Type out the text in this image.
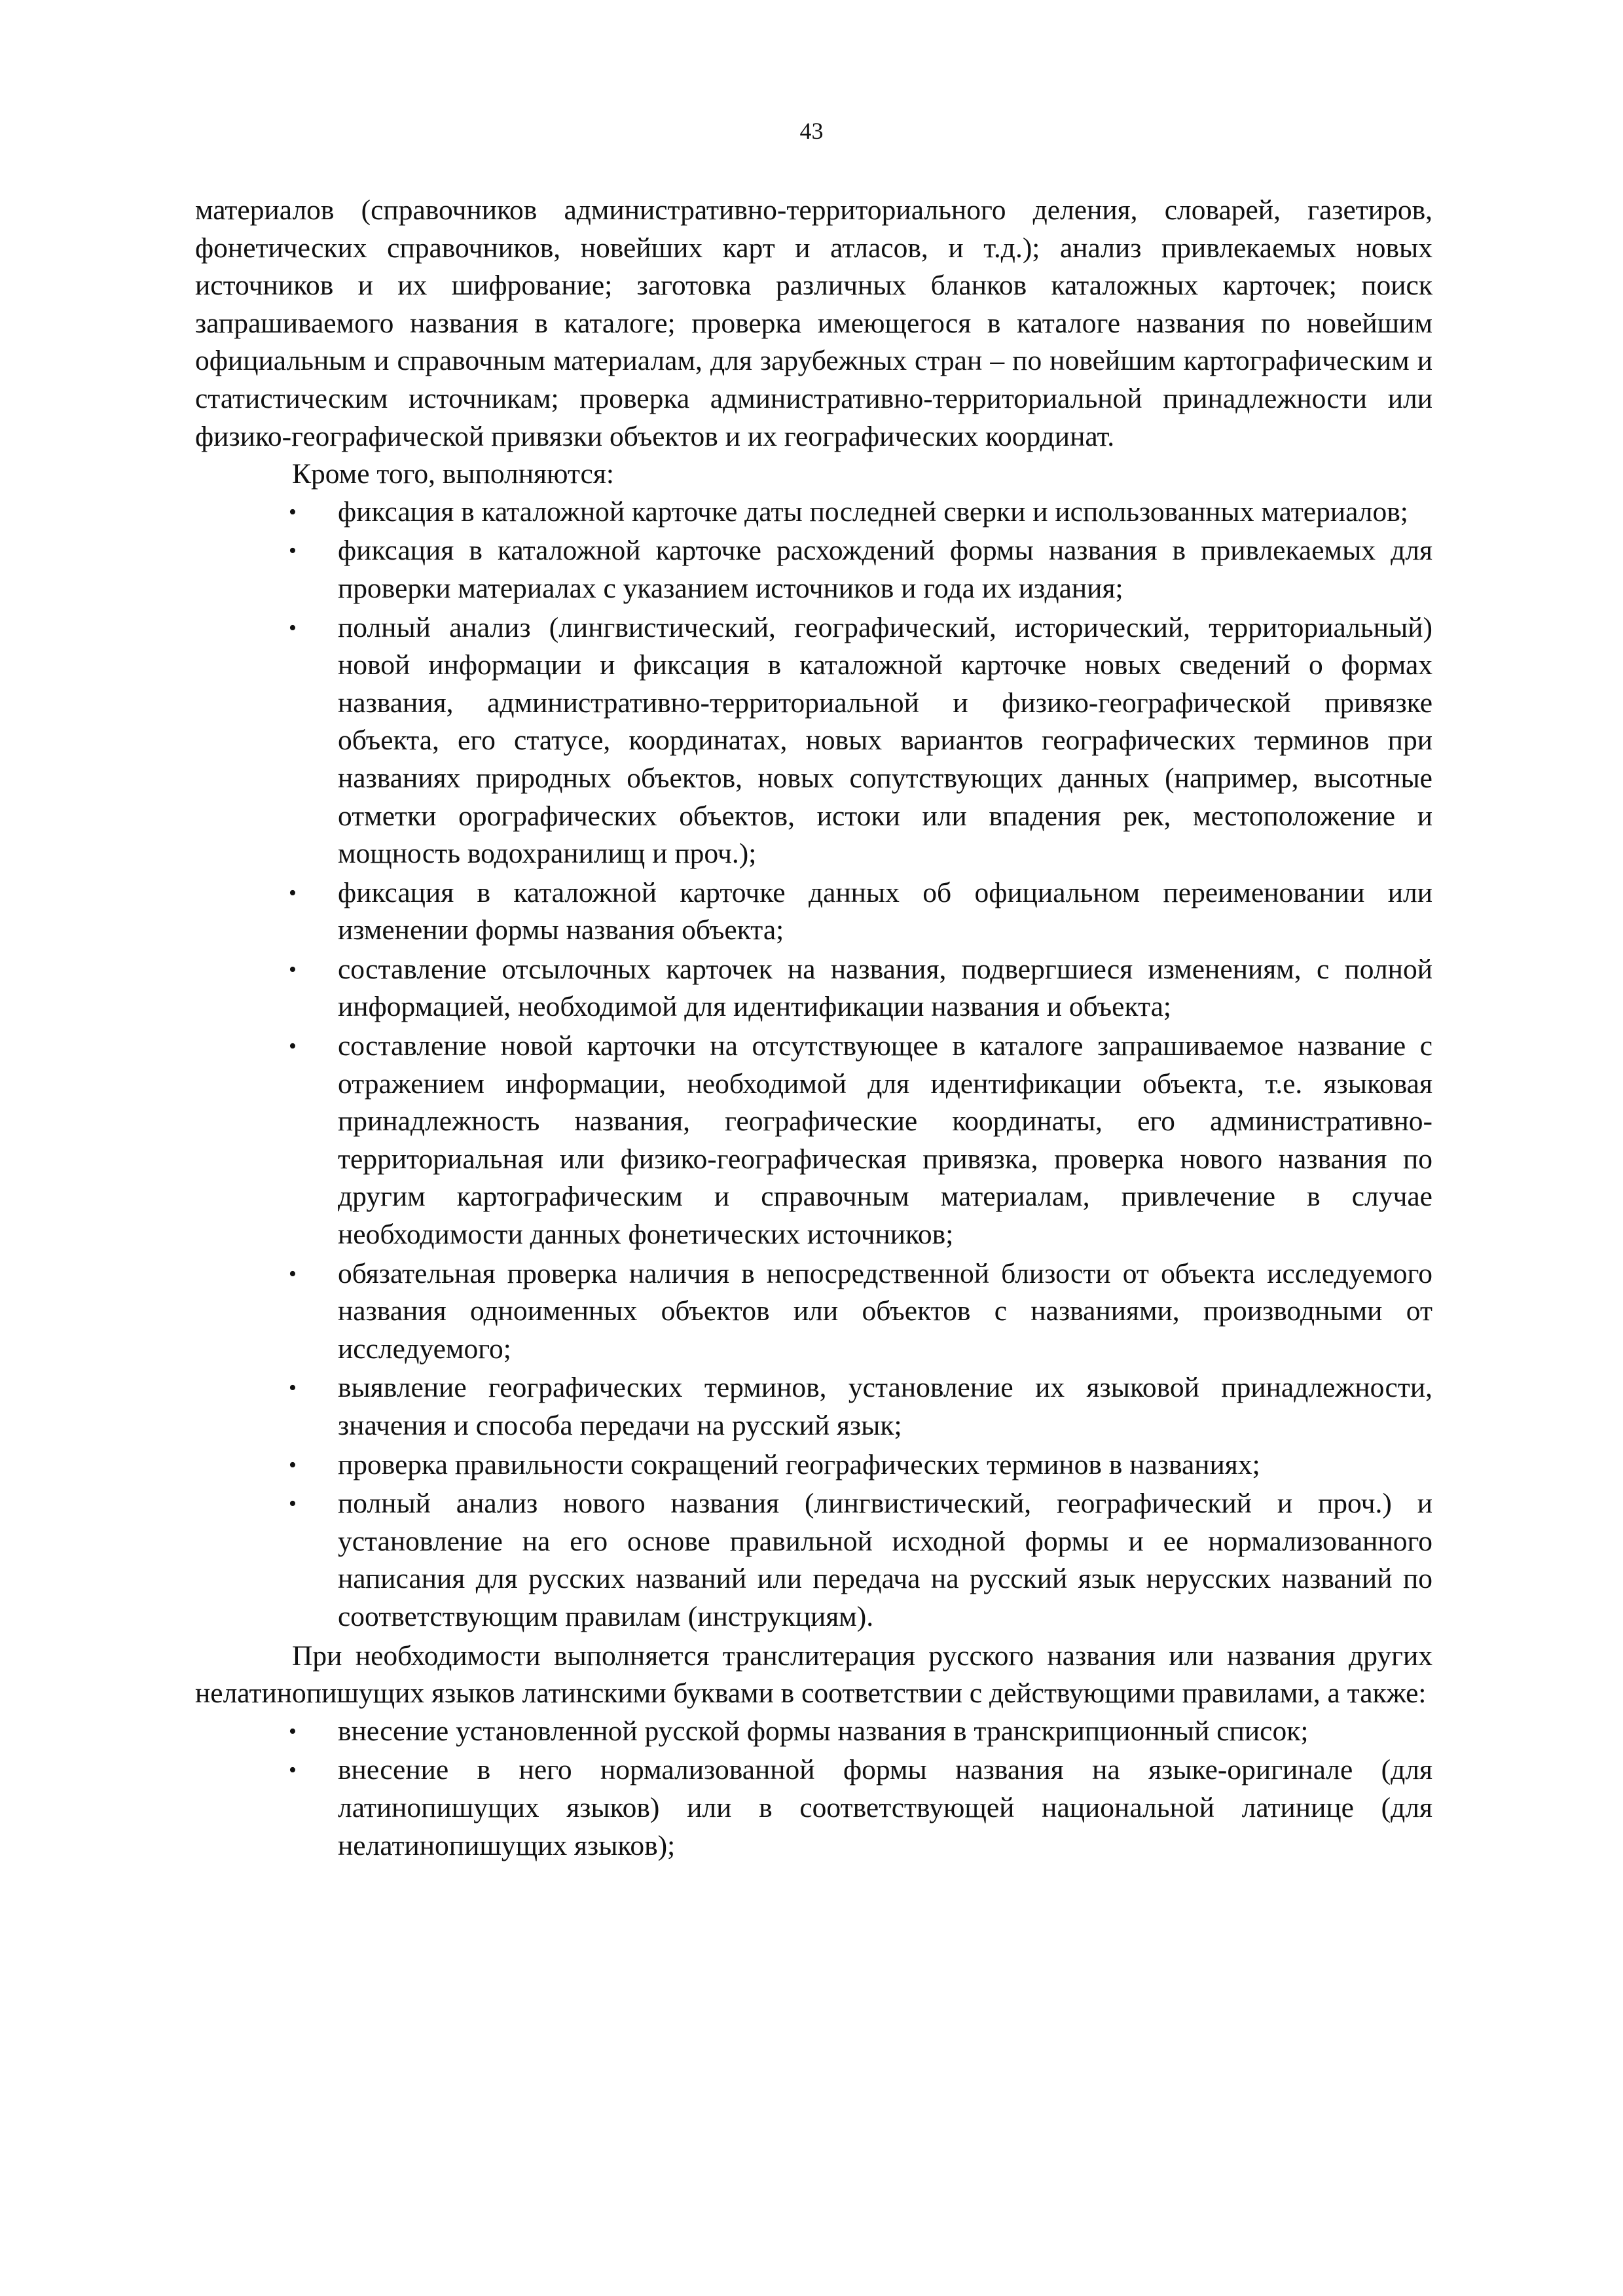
43

материалов (справочников административно-территориального деления, словарей, газетиров, фонетических справочников, новейших карт и атласов, и т.д.); анализ привлекаемых новых источников и их шифрование; заготовка различных бланков каталожных карточек; поиск запрашиваемого названия в каталоге; проверка имеющегося в каталоге названия по новейшим официальным и справочным материалам, для зарубежных стран – по новейшим картографическим и статистическим источникам; проверка административно-территориальной принадлежности или физико-географической привязки объектов и их географических координат.

Кроме того, выполняются:

• фиксация в каталожной карточке даты последней сверки и использованных материалов;
• фиксация в каталожной карточке расхождений формы названия в привлекаемых для проверки материалах с указанием источников и года их издания;
• полный анализ (лингвистический, географический, исторический, территориальный) новой информации и фиксация в каталожной карточке новых сведений о формах названия, административно-территориальной и физико-географической привязке объекта, его статусе, координатах, новых вариантов географических терминов при названиях природных объектов, новых сопутствующих данных (например, высотные отметки орографических объектов, истоки или впадения рек, местоположение и мощность водохранилищ и проч.);
• фиксация в каталожной карточке данных об официальном переименовании или изменении формы названия объекта;
• составление отсылочных карточек на названия, подвергшиеся изменениям, с полной информацией, необходимой для идентификации названия и объекта;
• составление новой карточки на отсутствующее в каталоге запрашиваемое название с отражением информации, необходимой для идентификации объекта, т.е. языковая принадлежность названия, географические координаты, его административно-территориальная или физико-географическая привязка, проверка нового названия по другим картографическим и справочным материалам, привлечение в случае необходимости данных фонетических источников;
• обязательная проверка наличия в непосредственной близости от объекта исследуемого названия одноименных объектов или объектов с названиями, производными от исследуемого;
• выявление географических терминов, установление их языковой принадлежности, значения и способа передачи на русский язык;
• проверка правильности сокращений географических терминов в названиях;
• полный анализ нового названия (лингвистический, географический и проч.) и установление на его основе правильной исходной формы и ее нормализованного написания для русских названий или передача на русский язык нерусских названий по соответствующим правилам (инструкциям).

При необходимости выполняется транслитерация русского названия или названия других нелатинопишущих языков латинскими буквами в соответствии с действующими правилами, а также:

• внесение установленной русской формы названия в транскрипционный список;
• внесение в него нормализованной формы названия на языке-оригинале (для латинопишущих языков) или в соответствующей национальной латинице (для нелатинопишущих языков);
